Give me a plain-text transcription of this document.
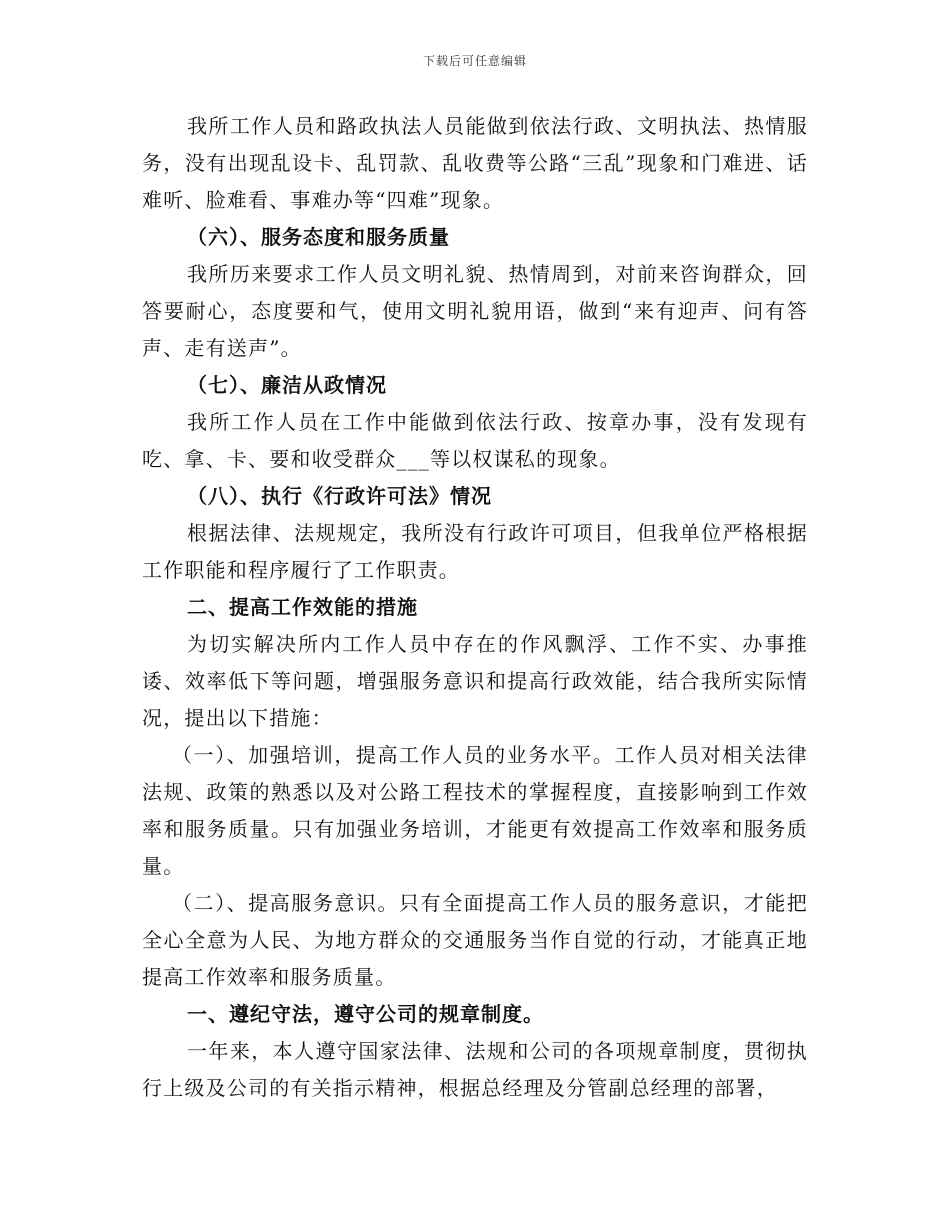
下载后可任意编辑

我所工作人员和路政执法人员能做到依法行政、文明执法、热情服务，没有出现乱设卡、乱罚款、乱收费等公路“三乱”现象和门难进、话难听、脸难看、事难办等“四难”现象。

（六）、服务态度和服务质量

我所历来要求工作人员文明礼貌、热情周到，对前来咨询群众，回答要耐心，态度要和气，使用文明礼貌用语，做到“来有迎声、问有答声、走有送声”。

（七）、廉洁从政情况

我所工作人员在工作中能做到依法行政、按章办事，没有发现有吃、拿、卡、要和收受群众___等以权谋私的现象。

（八）、执行《行政许可法》情况

根据法律、法规规定，我所没有行政许可项目，但我单位严格根据工作职能和程序履行了工作职责。

二、提高工作效能的措施

为切实解决所内工作人员中存在的作风飘浮、工作不实、办事推诿、效率低下等问题，增强服务意识和提高行政效能，结合我所实际情况，提出以下措施：

（一）、加强培训，提高工作人员的业务水平。工作人员对相关法律法规、政策的熟悉以及对公路工程技术的掌握程度，直接影响到工作效率和服务质量。只有加强业务培训，才能更有效提高工作效率和服务质量。

（二）、提高服务意识。只有全面提高工作人员的服务意识，才能把全心全意为人民、为地方群众的交通服务当作自觉的行动，才能真正地提高工作效率和服务质量。

一、遵纪守法，遵守公司的规章制度。

一年来，本人遵守国家法律、法规和公司的各项规章制度，贯彻执行上级及公司的有关指示精神，根据总经理及分管副总经理的部署，
